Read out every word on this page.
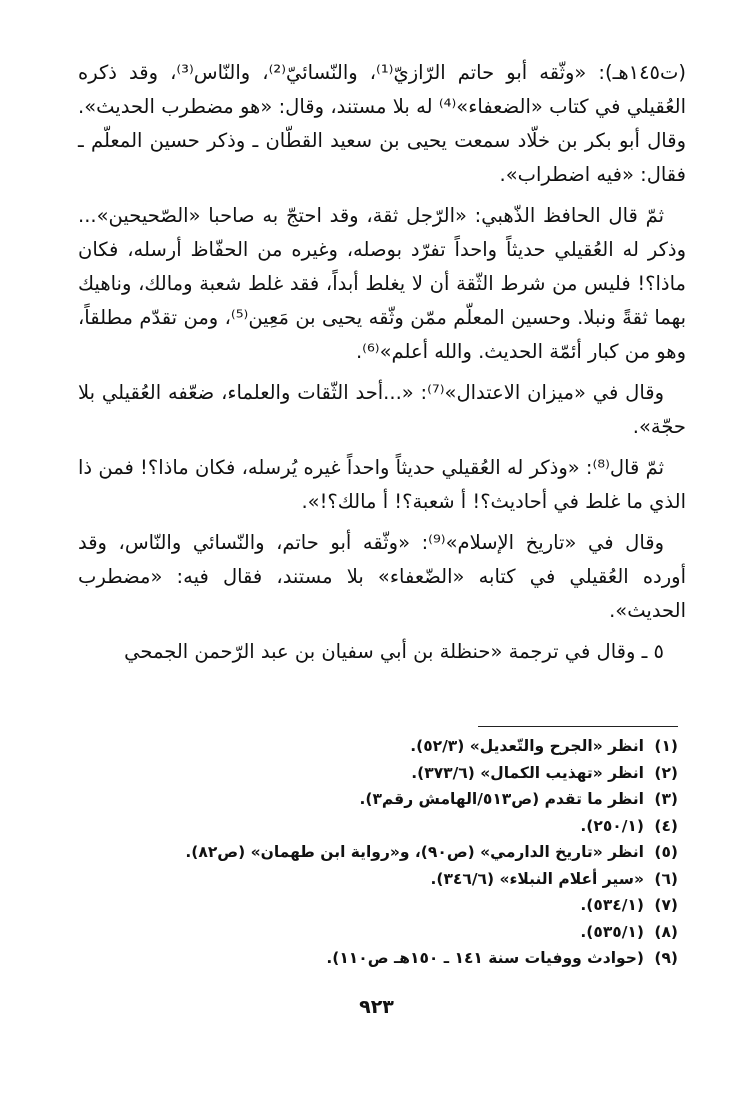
(ت١٤٥هـ): «وثّقه أبو حاتم الرّازيّ⁽¹⁾، والنّسائيّ⁽²⁾، والنّاس⁽³⁾، وقد ذكره العُقيلي في كتاب «الضعفاء»⁽⁴⁾ له بلا مستند، وقال: «هو مضطرب الحديث». وقال أبو بكر بن خلّاد سمعت يحيى بن سعيد القطّان ـ وذكر حسين المعلّم ـ فقال: «فيه اضطراب».

ثمّ قال الحافظ الذّهبي: «الرّجل ثقة، وقد احتجّ به صاحبا «الصّحيحين»... وذكر له العُقيلي حديثاً واحداً تفرّد بوصله، وغيره من الحفّاظ أرسله، فكان ماذا؟! فليس من شرط الثّقة أن لا يغلط أبداً، فقد غلط شعبة ومالك، وناهيك بهما ثقةً ونبلا. وحسين المعلّم ممّن وثّقه يحيى بن مَعِين⁽⁵⁾، ومن تقدّم مطلقاً، وهو من كبار أئمّة الحديث. والله أعلم»⁽⁶⁾.

وقال في «ميزان الاعتدال»⁽⁷⁾: «...أحد الثّقات والعلماء، ضعّفه العُقيلي بلا حجّة».

ثمّ قال⁽⁸⁾: «وذكر له العُقيلي حديثاً واحداً غيره يُرسله، فكان ماذا؟! فمن ذا الذي ما غلط في أحاديث؟! أ شعبة؟! أ مالك؟!».

وقال في «تاريخ الإسلام»⁽⁹⁾: «وثّقه أبو حاتم، والنّسائي والنّاس، وقد أورده العُقيلي في كتابه «الضّعفاء» بلا مستند، فقال فيه: «مضطرب الحديث».

٥ ـ وقال في ترجمة «حنظلة بن أبي سفيان بن عبد الرّحمن الجمحي

(١)
انظر «الجرح والتّعديل» (٥٢/٣).
(٢)
انظر «تهذيب الكمال» (٣٧٣/٦).
(٣)
انظر ما تقدم (ص٥١٣/الهامش رقم٣).
(٤)
(٢٥٠/١).
(٥)
انظر «تاريخ الدارمي» (ص٩٠)، و«رواية ابن طهمان» (ص٨٢).
(٦)
«سير أعلام النبلاء» (٣٤٦/٦).
(٧)
(٥٣٤/١).
(٨)
(٥٣٥/١).
(٩)
(حوادث ووفيات سنة ١٤١ ـ ١٥٠هـ ص١١٠).
٩٢٣
